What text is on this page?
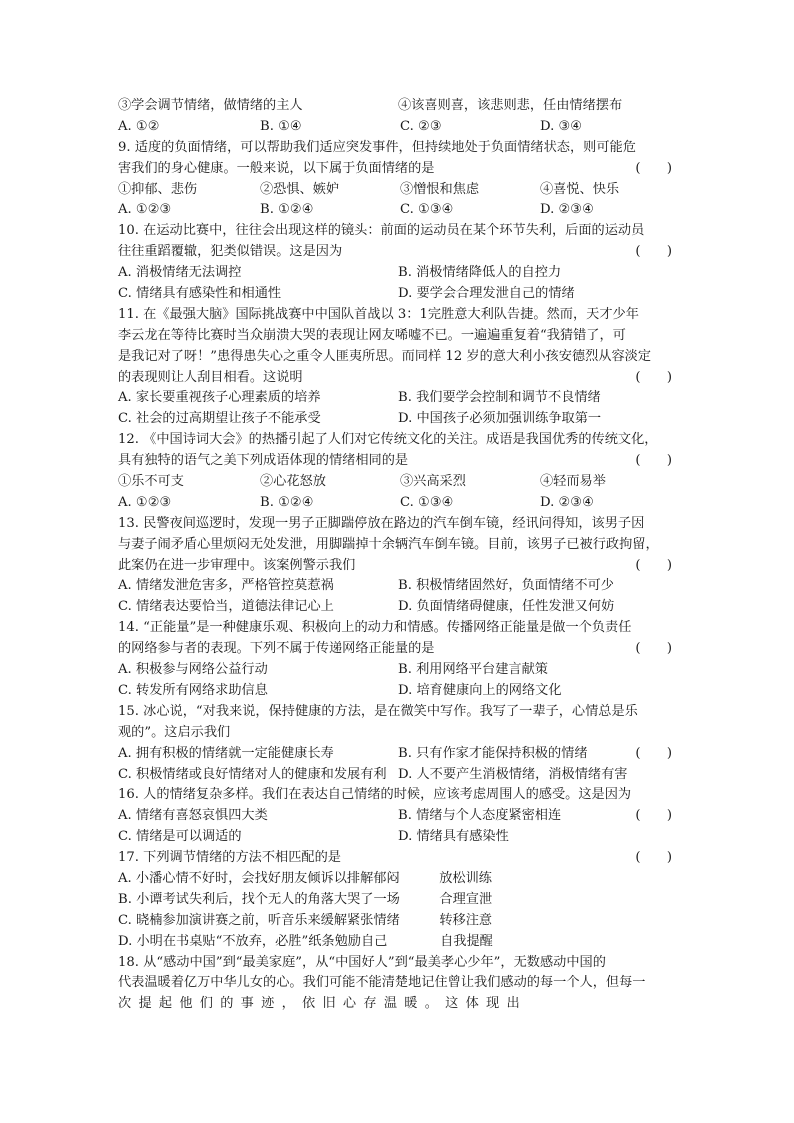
③学会调节情绪，做情绪的主人	④该喜则喜，该悲则悲，任由情绪摆布
A. ①②	B. ①④	C. ②③	D. ③④
9. 适度的负面情绪，可以帮助我们适应突发事件，但持续地处于负面情绪状态，则可能危
害我们的身心健康。一般来说，以下属于负面情绪的是	(　　)
①抑郁、悲伤	②恐惧、嫉妒	③憎恨和焦虑	④喜悦、快乐
A. ①②③	B. ①②④	C. ①③④	D. ②③④
10. 在运动比赛中，往往会出现这样的镜头：前面的运动员在某个环节失利，后面的运动员
往往重蹈覆辙，犯类似错误。这是因为	(　　)
A. 消极情绪无法调控	B. 消极情绪降低人的自控力
C. 情绪具有感染性和相通性	D. 要学会合理发泄自己的情绪
11. 在《最强大脑》国际挑战赛中中国队首战以 3：1完胜意大利队告捷。然而，天才少年
李云龙在等待比赛时当众崩溃大哭的表现让网友唏嘘不已。一遍遍重复着“我猜错了，可
是我记对了呀！”患得患失心之重令人匪夷所思。而同样 12 岁的意大利小孩安德烈从容淡定
的表现则让人刮目相看。这说明	(　　)
A. 家长要重视孩子心理素质的培养	B. 我们要学会控制和调节不良情绪
C. 社会的过高期望让孩子不能承受	D. 中国孩子必须加强训练争取第一
12. 《中国诗词大会》的热播引起了人们对它传统文化的关注。成语是我国优秀的传统文化，
具有独特的语气之美下列成语体现的情绪相同的是	(　　)
①乐不可支	②心花怒放	③兴高采烈	④轻而易举
A. ①②③	B. ①②④	C. ①③④	D. ②③④
13. 民警夜间巡逻时，发现一男子正脚踹停放在路边的汽车倒车镜，经讯问得知，该男子因
与妻子闹矛盾心里烦闷无处发泄，用脚踹掉十余辆汽车倒车镜。目前，该男子已被行政拘留，
此案仍在进一步审理中。该案例警示我们	(　　)
A. 情绪发泄危害多，严格管控莫惹祸	B. 积极情绪固然好，负面情绪不可少
C. 情绪表达要恰当，道德法律记心上	D. 负面情绪碍健康，任性发泄又何妨
14. “正能量”是一种健康乐观、积极向上的动力和情感。传播网络正能量是做一个负责任
的网络参与者的表现。下列不属于传递网络正能量的是	(　　)
A. 积极参与网络公益行动	B. 利用网络平台建言献策
C. 转发所有网络求助信息	D. 培育健康向上的网络文化
15. 冰心说，“对我来说，保持健康的方法，是在微笑中写作。我写了一辈子，心情总是乐
观的”。这启示我们
A. 拥有积极的情绪就一定能健康长寿	B. 只有作家才能保持积极的情绪	(　　)
C. 积极情绪或良好情绪对人的健康和发展有利 D. 人不要产生消极情绪，消极情绪有害
16. 人的情绪复杂多样。我们在表达自己情绪的时候，应该考虑周围人的感受。这是因为
A. 情绪有喜怒哀惧四大类	B. 情绪与个人态度紧密相连	(　　)
C. 情绪是可以调适的	D. 情绪具有感染性
17. 下列调节情绪的方法不相匹配的是	(　　)
A. 小潘心情不好时，会找好朋友倾诉以排解郁闷　　　放松训练
B. 小谭考试失利后，找个无人的角落大哭了一场　　　合理宣泄
C. 晓楠参加演讲赛之前，听音乐来缓解紧张情绪　　　转移注意
D. 小明在书桌贴“不放弃，必胜”纸条勉励自己　　　　自我提醒
18. 从“感动中国”到“最美家庭”，从“中国好人”到“最美孝心少年”，无数感动中国的
代表温暖着亿万中华儿女的心。我们可能不能清楚地记住曾让我们感动的每一个人，但每一
次提起他们的事迹，依旧心存温暖。这体现出
